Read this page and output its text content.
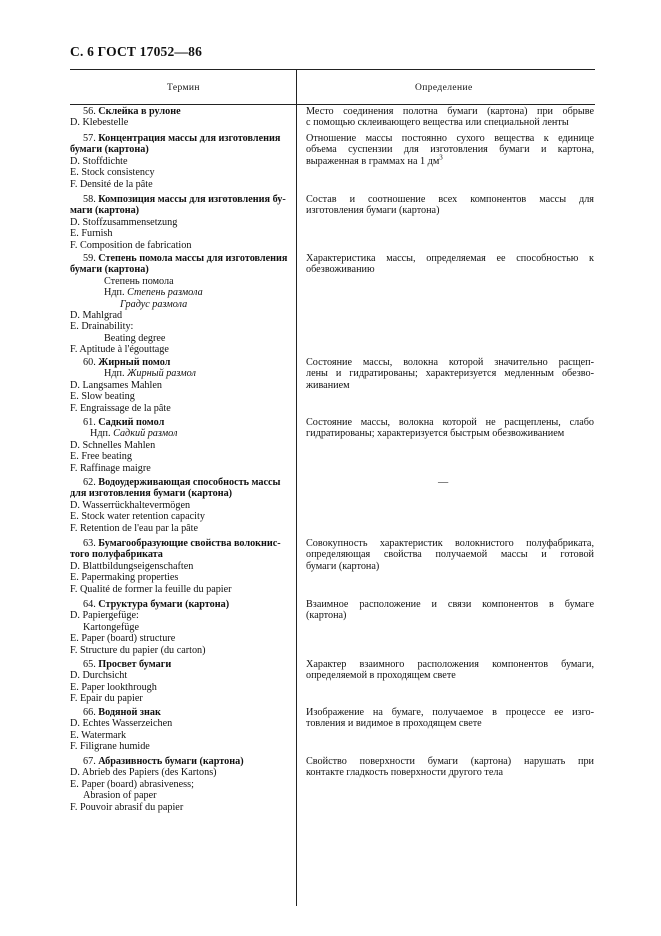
С. 6 ГОСТ 17052—86
Термин	Определение
56. Склейка в рулоне
D. Klebestelle
Место соединения полотна бумаги (картона) при обрыве
с помощью склеивающего вещества или специальной ленты
57. Концентрация массы для изготовления
бумаги (картона)
D. Stoffdichte
E. Stock consistency
F. Densité de la pâte
Отношение массы постоянно сухого вещества к единице
объема суспензии для изготовления бумаги и картона,
выраженная в граммах на 1 $дм^3$
58. Композиция массы для изготовления бу-
маги (картона)
D. Stoffzusammensetzung
E. Furnish
F. Composition de fabrication
Состав и соотношение всех компонентов массы для
изготовления бумаги (картона)
59. Степень помола массы для изготовления
бумаги (картона)
Степень помола
Ндп. Степень размола
Градус размола
D. Mahlgrad
E. Drainability:
Beating degree
F. Aptitude à l'égouttage
Характеристика массы, определяемая ее способностью к
обезвоживанию
60. Жирный помол
Ндп. Жирный размол
D. Langsames Mahlen
E. Slow beating
F. Engraissage de la pâte
Состояние массы, волокна которой значительно расщеп-
лены и гидратированы; характеризуется медленным обезво-
живанием
61. Садкий помол
Ндп. Садкий размол
D. Schnelles Mahlen
E. Free beating
F. Raffinage maigre
Состояние массы, волокна которой не расщеплены, слабо
гидратированы; характеризуется быстрым обезвоживанием
62. Водоудерживающая способность массы
для изготовления бумаги (картона)
D. Wasserrückhaltevermögen
E. Stock water retention capacity
F. Retention de l'eau par la pâte
—
63. Бумагообразующие свойства волокнис-
того полуфабриката
D. Blattbildungseigenschaften
E. Papermaking properties
F. Qualité de former la feuille du papier
Совокупность характеристик волокнистого полуфабриката,
определяющая свойства получаемой массы и готовой
бумаги (картона)
64. Структура бумаги (картона)
D. Papiergefüge:
Kartongefüge
E. Paper (board) structure
F. Structure du papier (du carton)
Взаимное расположение и связи компонентов в бумаге
(картона)
65. Просвет бумаги
D. Durchsicht
E. Paper lookthrough
F. Epair du papier
Характер взаимного расположения компонентов бумаги,
определяемой в проходящем свете
66. Водяной знак
D. Echtes Wasserzeichen
E. Watermark
F. Filigrane humide
Изображение на бумаге, получаемое в процессе ее изго-
товления и видимое в проходящем свете
67. Абразивность бумаги (картона)
D. Abrieb des Papiers (des Kartons)
E. Paper (board) abrasiveness;
Abrasion of paper
F. Pouvoir abrasif du papier
Свойство поверхности бумаги (картона) нарушать при
контакте гладкость поверхности другого тела
